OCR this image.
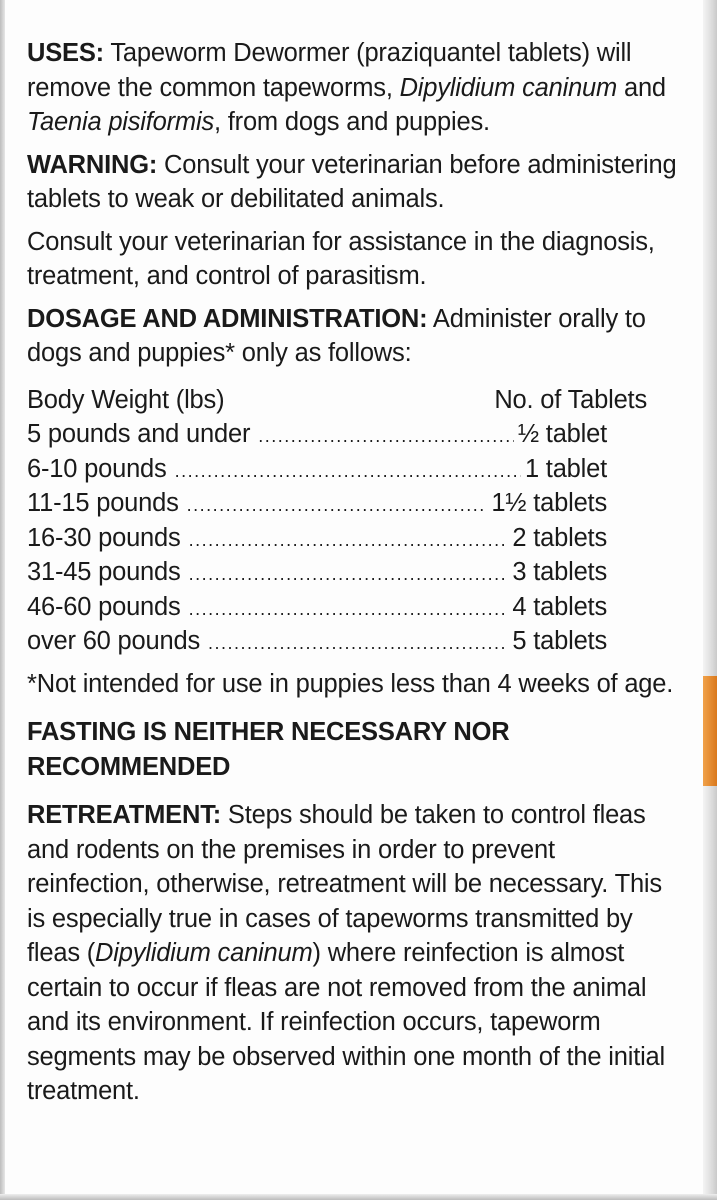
USES: Tapeworm Dewormer (praziquantel tablets) will remove the common tapeworms, Dipylidium caninum and Taenia pisiformis, from dogs and puppies.

WARNING: Consult your veterinarian before administering tablets to weak or debilitated animals.

Consult your veterinarian for assistance in the diagnosis, treatment, and control of parasitism.

DOSAGE AND ADMINISTRATION: Administer orally to dogs and puppies* only as follows:

Body Weight (lbs)	No. of Tablets
5 pounds and under .....	½ tablet
6-10 pounds .....	1 tablet
11-15 pounds .....	1½ tablets
16-30 pounds .....	2 tablets
31-45 pounds .....	3 tablets
46-60 pounds .....	4 tablets
over 60 pounds .....	5 tablets

*Not intended for use in puppies less than 4 weeks of age.

FASTING IS NEITHER NECESSARY NOR RECOMMENDED

RETREATMENT: Steps should be taken to control fleas and rodents on the premises in order to prevent reinfection, otherwise, retreatment will be necessary. This is especially true in cases of tapeworms transmitted by fleas (Dipylidium caninum) where reinfection is almost certain to occur if fleas are not removed from the animal and its environment. If reinfection occurs, tapeworm segments may be observed within one month of the initial treatment.
